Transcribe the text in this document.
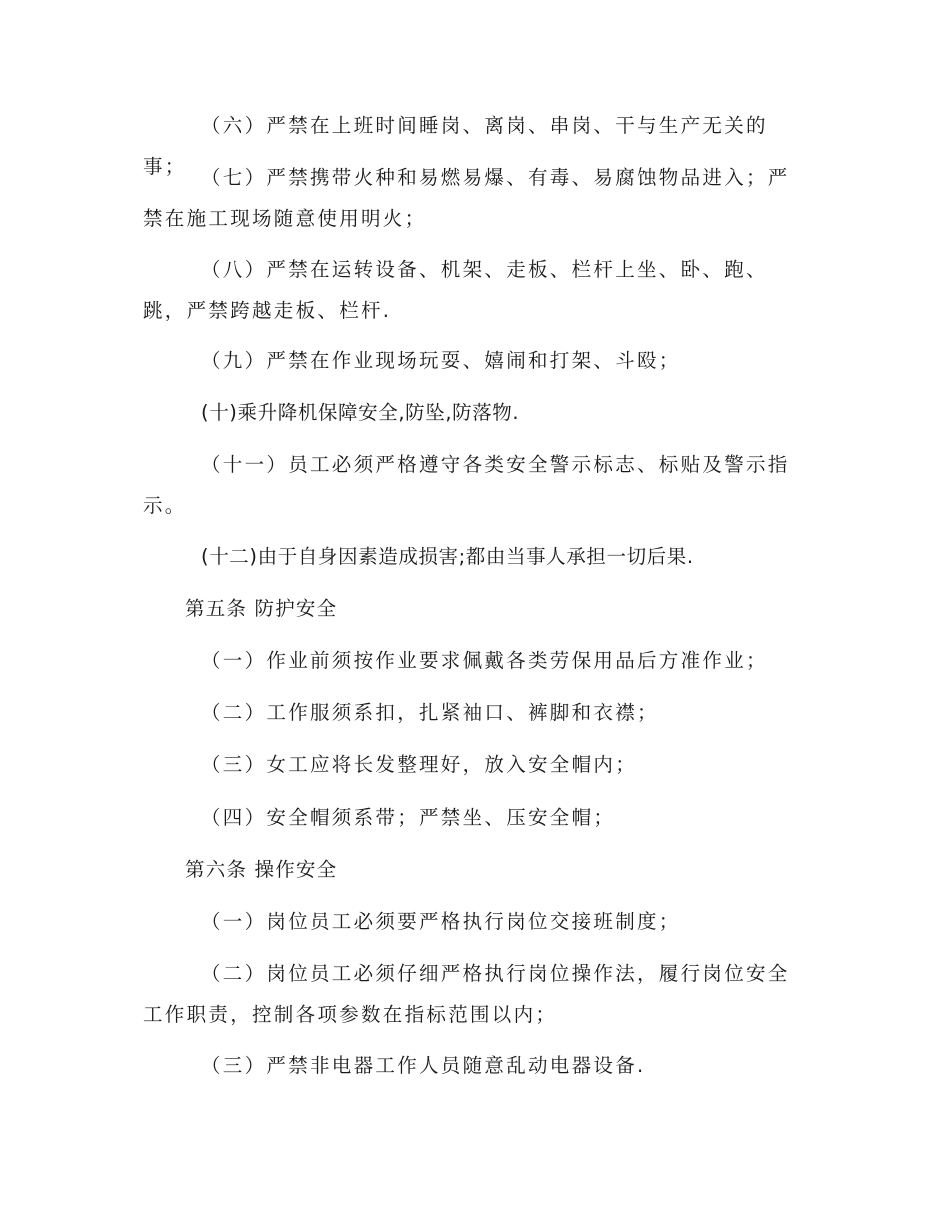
（六）严禁在上班时间睡岗、离岗、串岗、干与生产无关的事； （七）严禁携带火种和易燃易爆、有毒、易腐蚀物品进入；严禁在施工现场随意使用明火；

（八）严禁在运转设备、机架、走板、栏杆上坐、卧、跑、跳，严禁跨越走板、栏杆.

（九）严禁在作业现场玩耍、嬉闹和打架、斗殴；

(十)乘升降机保障安全,防坠,防落物.

（十一）员工必须严格遵守各类安全警示标志、标贴及警示指示。

(十二)由于自身因素造成损害;都由当事人承担一切后果.

第五条 防护安全

（一）作业前须按作业要求佩戴各类劳保用品后方准作业；

（二）工作服须系扣，扎紧袖口、裤脚和衣襟；

（三）女工应将长发整理好，放入安全帽内；

（四）安全帽须系带；严禁坐、压安全帽；

第六条 操作安全

（一）岗位员工必须要严格执行岗位交接班制度；

（二）岗位员工必须仔细严格执行岗位操作法，履行岗位安全工作职责，控制各项参数在指标范围以内；

（三）严禁非电器工作人员随意乱动电器设备.
